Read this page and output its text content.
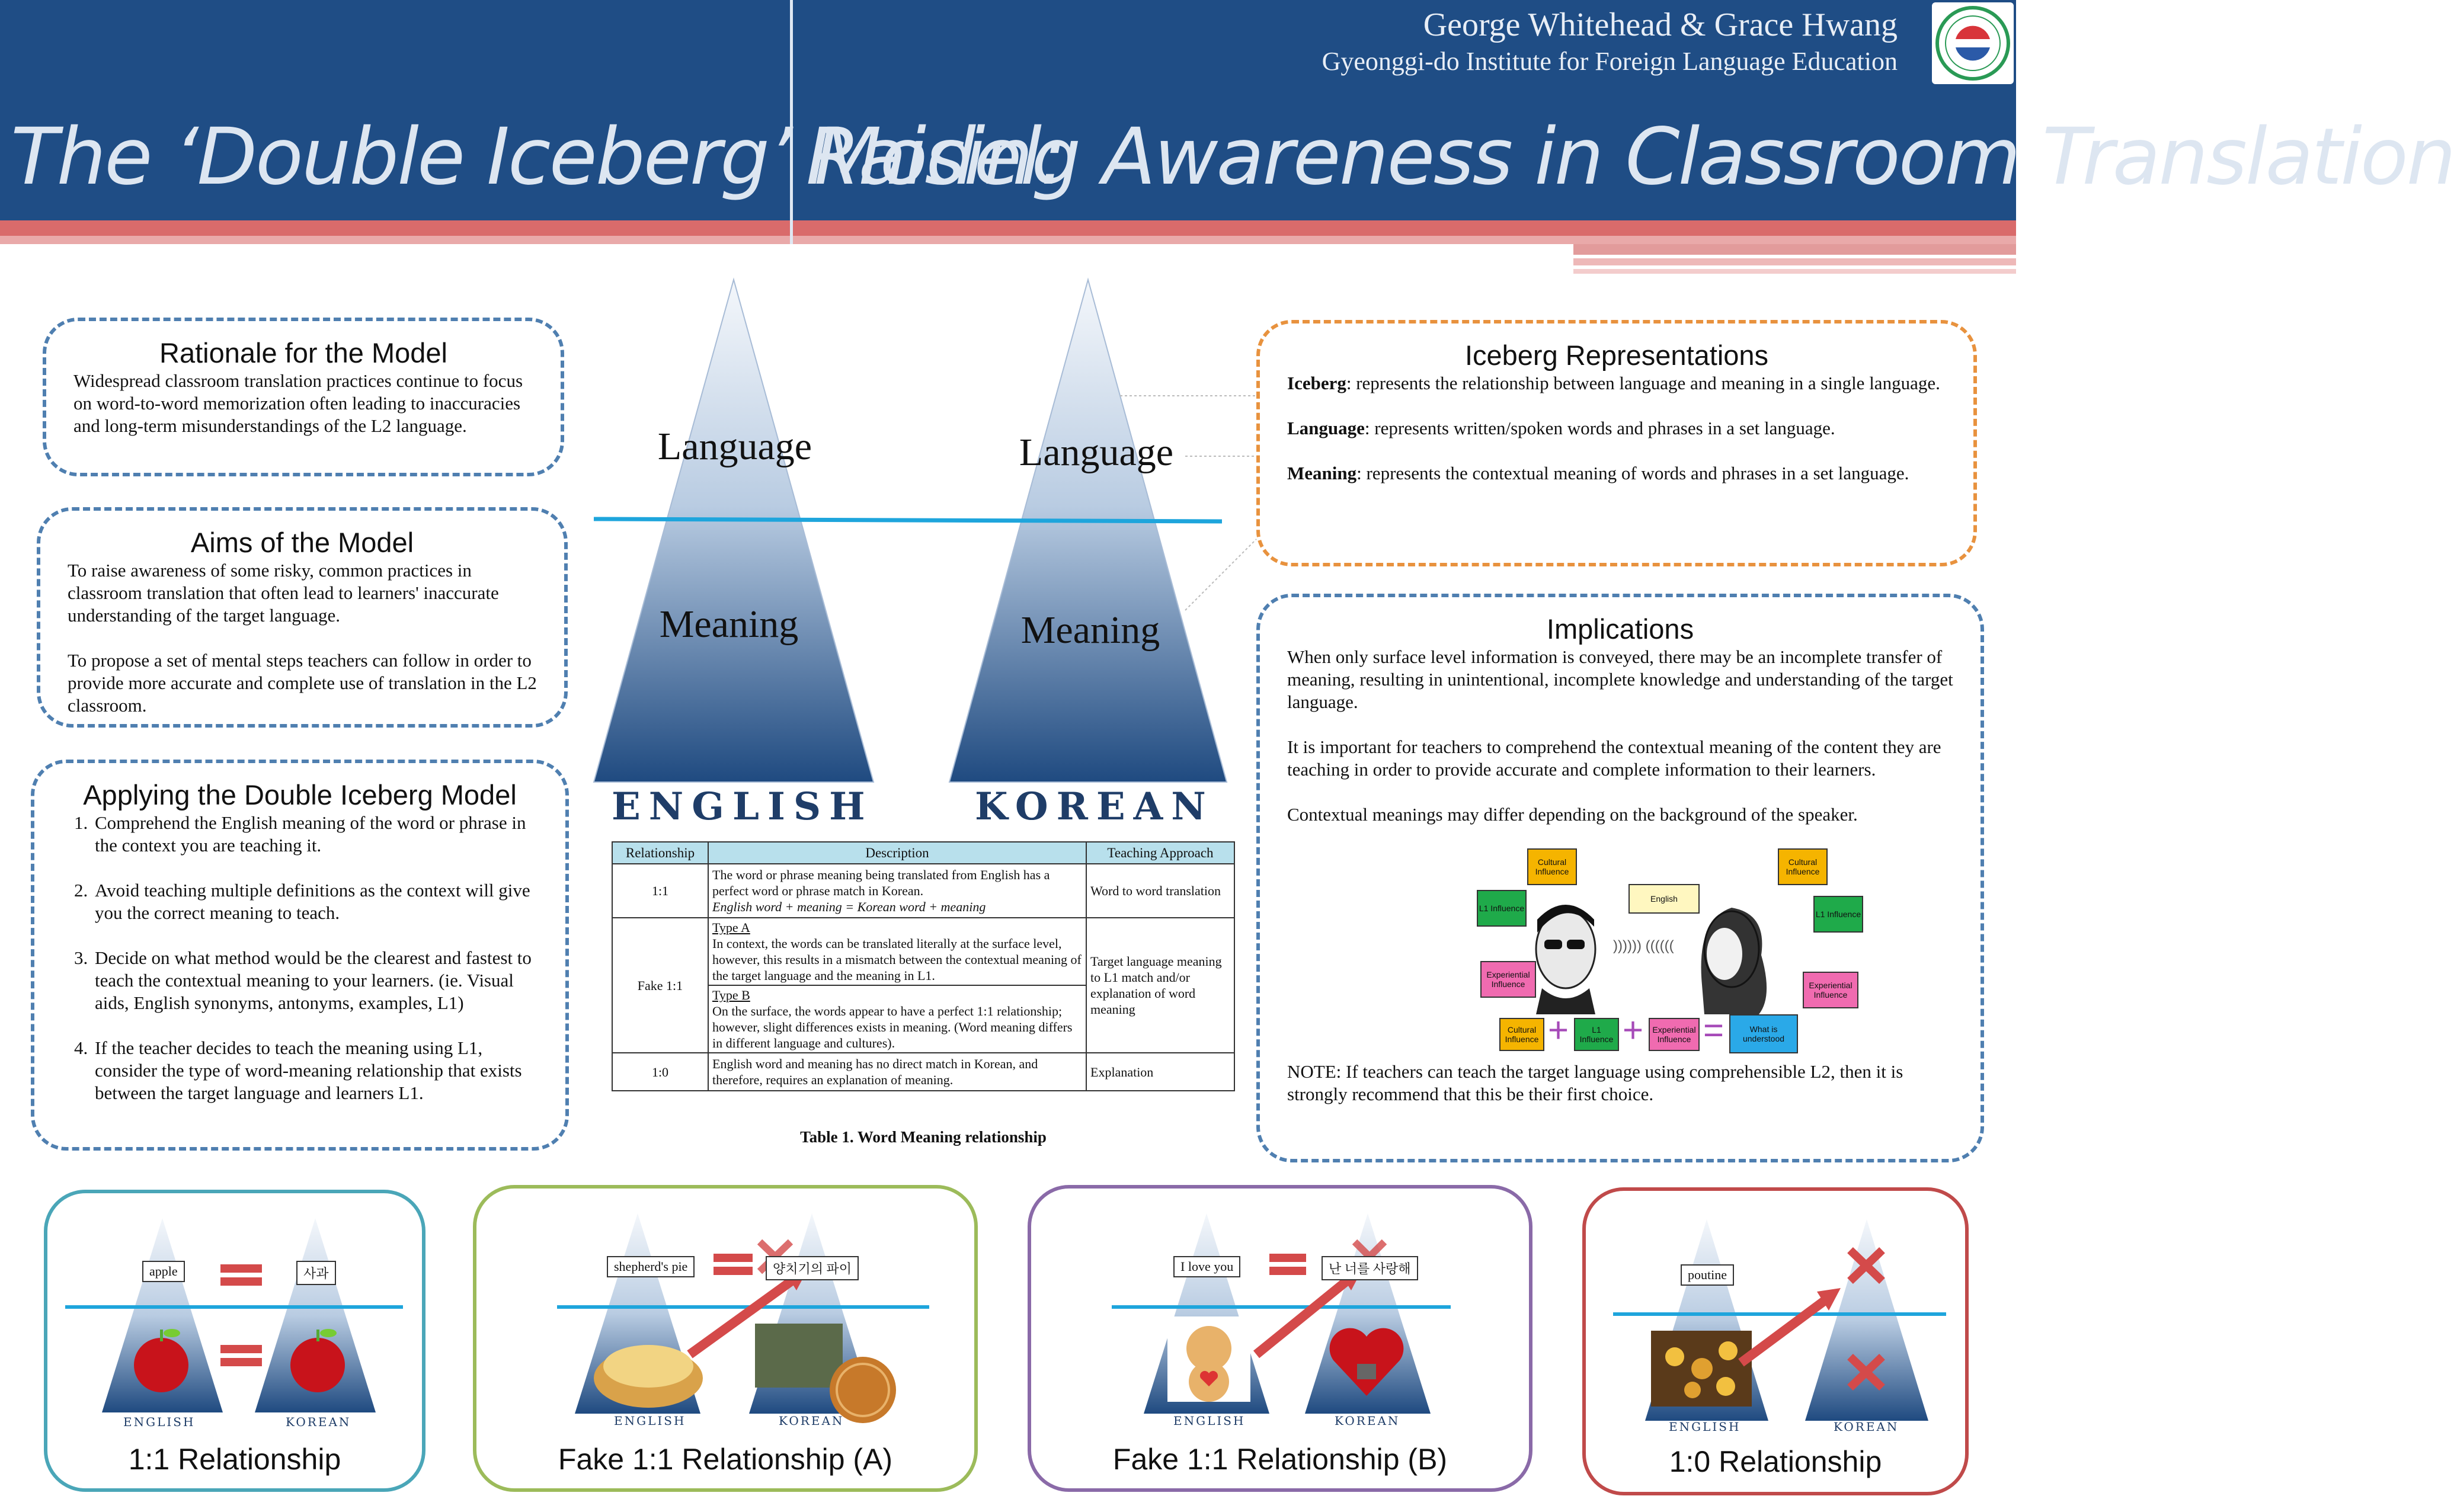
The ‘Double Iceberg’ Model:
Raising Awareness in Classroom Translation
George Whitehead & Grace Hwang
Gyeonggi-do Institute for Foreign Language Education
Rationale for the Model

Widespread classroom translation practices continue to focus on word-to-word memorization often leading to inaccuracies and long-term misunderstandings of the L2 language.

Aims of the Model

To raise awareness of some risky, common practices in classroom translation that often lead to learners' inaccurate understanding of the target language.

To propose a set of mental steps teachers can follow in order to provide more accurate and complete use of translation in the L2 classroom.

Applying the Double Iceberg Model
1. Comprehend the English meaning of the word or phrase in the context you are teaching it.
2. Avoid teaching multiple definitions as the context will give you the correct meaning to teach.
3. Decide on what method would be the clearest and fastest to teach the contextual meaning to your learners. (ie. Visual aids, English synonyms, antonyms, examples, L1)
4. If the teacher decides to teach the meaning using L1, consider the type of word-meaning relationship that exists between the target language and learners L1.
Language
Meaning
Language
Meaning
ENGLISH	KOREAN
Relationship	Description	Teaching Approach
1:1	The word or phrase meaning being translated from English has a perfect word or phrase match in Korean.
English word + meaning = Korean word + meaning	Word to word translation
Fake 1:1	Type A
In context, the words can be translated literally at the surface level, however, this results in a mismatch between the contextual meaning of the target language and the meaning in L1.
Type B
On the surface, the words appear to have a perfect 1:1 relationship; however, slight differences exists in meaning. (Word meaning differs in different language and cultures).	Target language meaning to L1 match and/or explanation of word meaning
1:0	English word and meaning has no direct match in Korean, and therefore, requires an explanation of meaning.	Explanation
Table 1. Word Meaning relationship
Iceberg Representations

Iceberg: represents the relationship between language and meaning in a single language.

Language: represents written/spoken words and phrases in a set language.

Meaning: represents the contextual meaning of words and phrases in a set language.

Implications

When only surface level information is conveyed, there may be an incomplete transfer of meaning, resulting in unintentional, incomplete knowledge and understanding of the target language.

It is important for teachers to comprehend the contextual meaning of the content they are teaching in order to provide accurate and complete information to their learners.

Contextual meanings may differ depending on the background of the speaker.

)))))) ((((((
Cultural Influence
L1 Influence
Experiential Influence
English
Cultural Influence
L1 Influence
Experiential Influence
Cultural Influence +	L1 Influence +	Experiential Influence =	What is understood

NOTE: If teachers can teach the target language using comprehensible L2, then it is strongly recommend that this be their first choice.

apple	사과
ENGLISH	KOREAN
1:1 Relationship
shepherd's pie	양치기의 파이
ENGLISH	KOREAN
Fake 1:1 Relationship (A)
I love you	난 너를 사랑해
ENGLISH	KOREAN
Fake 1:1 Relationship (B)
poutine
ENGLISH	KOREAN
1:0 Relationship
